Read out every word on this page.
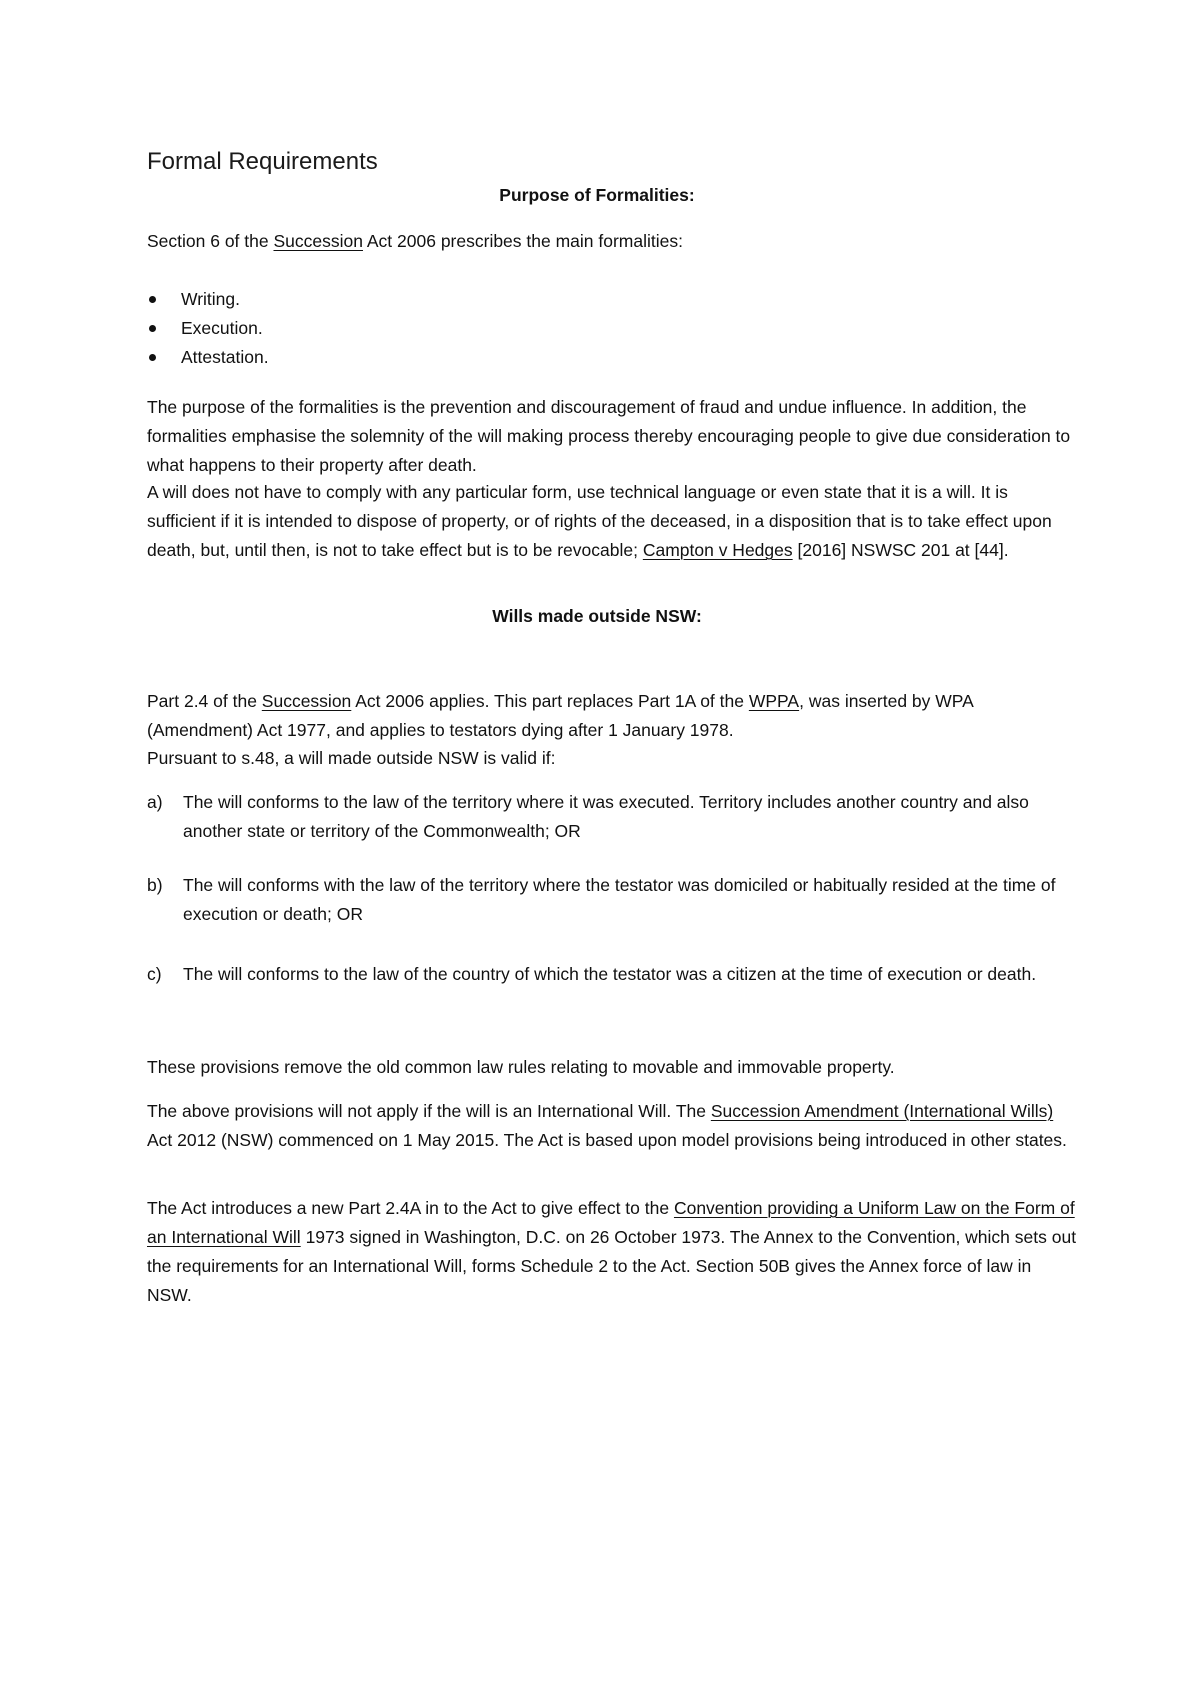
Formal Requirements
Purpose of Formalities:

Section 6 of the Succession Act 2006 prescribes the main formalities:

Writing.
Execution.
Attestation.

The purpose of the formalities is the prevention and discouragement of fraud and undue influence. In addition, the formalities emphasise the solemnity of the will making process thereby encouraging people to give due consideration to what happens to their property after death.

A will does not have to comply with any particular form, use technical language or even state that it is a will. It is sufficient if it is intended to dispose of property, or of rights of the deceased, in a disposition that is to take effect upon death, but, until then, is not to take effect but is to be revocable; Campton v Hedges [2016] NSWSC 201 at [44].

Wills made outside NSW:

Part 2.4 of the Succession Act 2006 applies. This part replaces Part 1A of the WPPA, was inserted by WPA (Amendment) Act 1977, and applies to testators dying after 1 January 1978.

Pursuant to s.48, a will made outside NSW is valid if:

a) The will conforms to the law of the territory where it was executed. Territory includes another country and also another state or territory of the Commonwealth; OR
b) The will conforms with the law of the territory where the testator was domiciled or habitually resided at the time of execution or death; OR
c) The will conforms to the law of the country of which the testator was a citizen at the time of execution or death.

These provisions remove the old common law rules relating to movable and immovable property.

The above provisions will not apply if the will is an International Will. The Succession Amendment (International Wills) Act 2012 (NSW) commenced on 1 May 2015. The Act is based upon model provisions being introduced in other states.

The Act introduces a new Part 2.4A in to the Act to give effect to the Convention providing a Uniform Law on the Form of an International Will 1973 signed in Washington, D.C. on 26 October 1973. The Annex to the Convention, which sets out the requirements for an International Will, forms Schedule 2 to the Act. Section 50B gives the Annex force of law in NSW.
